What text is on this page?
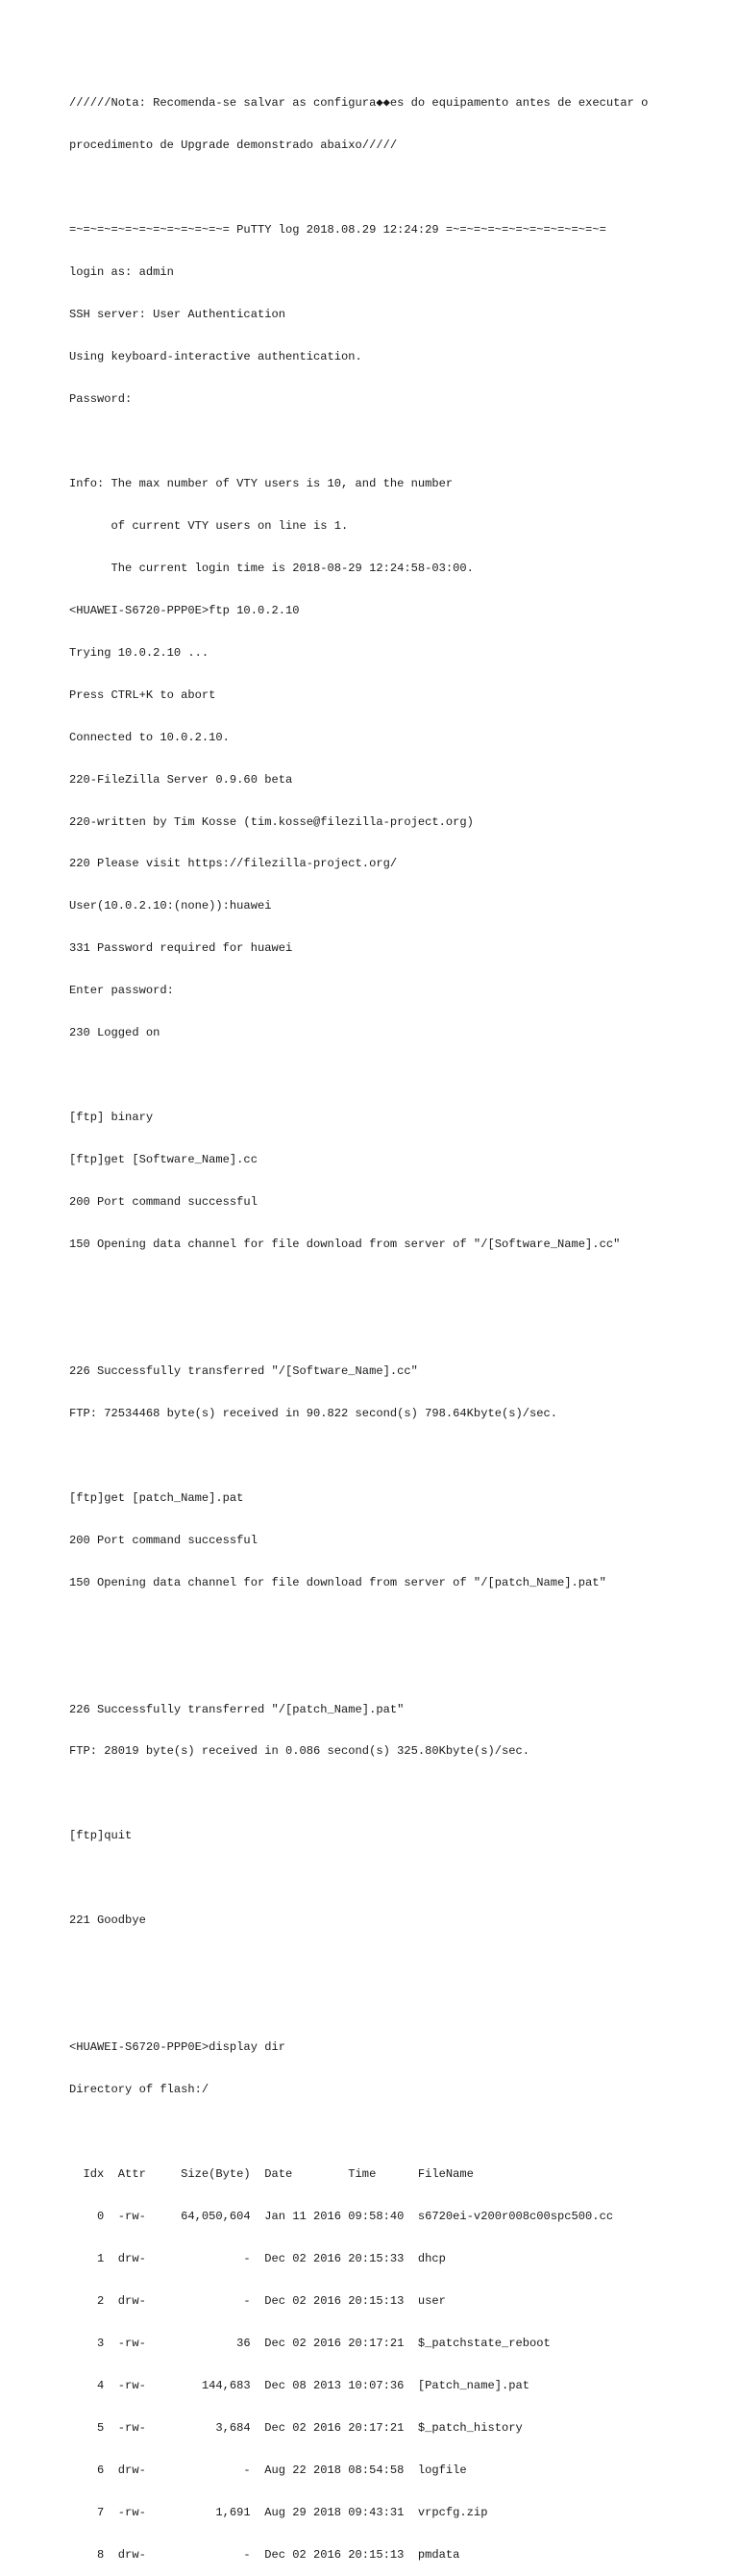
//////Nota: Recomenda-se salvar as configura◆◆es do equipamento antes de executar o

procedimento de Upgrade demonstrado abaixo/////

=~=~=~=~=~=~=~=~=~=~=~= PuTTY log 2018.08.29 12:24:29 =~=~=~=~=~=~=~=~=~=~=~=

login as: admin

SSH server: User Authentication

Using keyboard-interactive authentication.

Password:

Info: The max number of VTY users is 10, and the number

of current VTY users on line is 1.

The current login time is 2018-08-29 12:24:58-03:00.

<HUAWEI-S6720-PPP0E>ftp 10.0.2.10

Trying 10.0.2.10 ...

Press CTRL+K to abort

Connected to 10.0.2.10.

220-FileZilla Server 0.9.60 beta

220-written by Tim Kosse (tim.kosse@filezilla-project.org)

220 Please visit https://filezilla-project.org/

User(10.0.2.10:(none)):huawei

331 Password required for huawei

Enter password:

230 Logged on

[ftp] binary

[ftp]get [Software_Name].cc

200 Port command successful

150 Opening data channel for file download from server of "/[Software_Name].cc"

226 Successfully transferred "/[Software_Name].cc"

FTP: 72534468 byte(s) received in 90.822 second(s) 798.64Kbyte(s)/sec.

[ftp]get [patch_Name].pat

200 Port command successful

150 Opening data channel for file download from server of "/[patch_Name].pat"

226 Successfully transferred "/[patch_Name].pat"

FTP: 28019 byte(s) received in 0.086 second(s) 325.80Kbyte(s)/sec.

[ftp]quit

221 Goodbye

<HUAWEI-S6720-PPP0E>display dir

Directory of flash:/

Idx  Attr     Size(Byte)  Date        Time      FileName

0  -rw-     64,050,604  Jan 11 2016 09:58:40  s6720ei-v200r008c00spc500.cc

1  drw-              -  Dec 02 2016 20:15:33  dhcp

2  drw-              -  Dec 02 2016 20:15:13  user

3  -rw-             36  Dec 02 2016 20:17:21  $_patchstate_reboot

4  -rw-        144,683  Dec 08 2013 10:07:36  [Patch_name].pat

5  -rw-          3,684  Dec 02 2016 20:17:21  $_patch_history

6  drw-              -  Aug 22 2018 08:54:58  logfile

7  -rw-          1,691  Aug 29 2018 09:43:31  vrpcfg.zip

8  drw-              -  Dec 02 2016 20:15:13  pmdata
